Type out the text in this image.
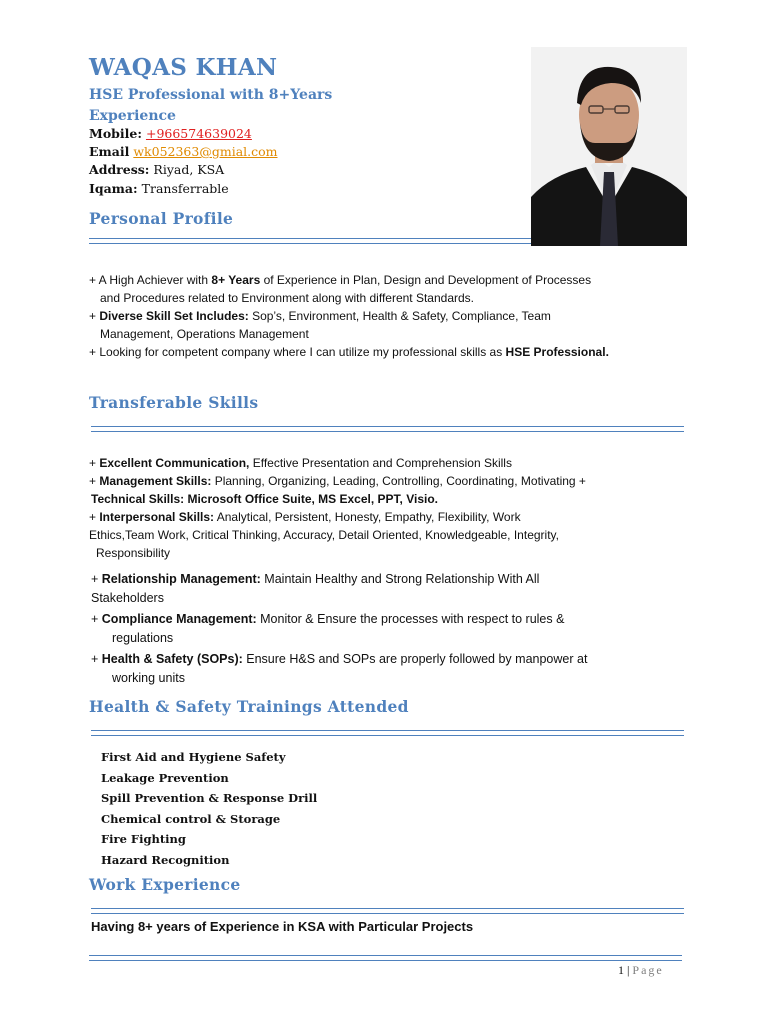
WAQAS KHAN
HSE Professional with 8+Years Experience
Mobile: +966574639024
Email wk052363@gmial.com
Address: Riyad, KSA
Iqama: Transferrable
Personal Profile
+ A High Achiever with 8+ Years of Experience in Plan, Design and Development of Processes
and Procedures related to Environment along with different Standards.
+ Diverse Skill Set Includes: Sop’s, Environment, Health & Safety, Compliance, Team
Management, Operations Management
+ Looking for competent company where I can utilize my professional skills as HSE Professional.
Transferable Skills
+ Excellent Communication, Effective Presentation and Comprehension Skills
+ Management Skills: Planning, Organizing, Leading, Controlling, Coordinating, Motivating +
Technical Skills: Microsoft Office Suite, MS Excel, PPT, Visio.
+ Interpersonal Skills: Analytical, Persistent, Honesty, Empathy, Flexibility, Work
Ethics,Team Work, Critical Thinking, Accuracy, Detail Oriented, Knowledgeable, Integrity,
Responsibility
+ Relationship Management: Maintain Healthy and Strong Relationship With All
Stakeholders
+ Compliance Management: Monitor & Ensure the processes with respect to rules &
regulations
+ Health & Safety (SOPs): Ensure H&S and SOPs are properly followed by manpower at
working units
Health & Safety Trainings Attended
First Aid and Hygiene Safety
Leakage Prevention
Spill Prevention & Response Drill
Chemical control & Storage
Fire Fighting
Hazard Recognition
Work Experience
Having 8+ years of Experience in KSA with Particular Projects
1 | Page
